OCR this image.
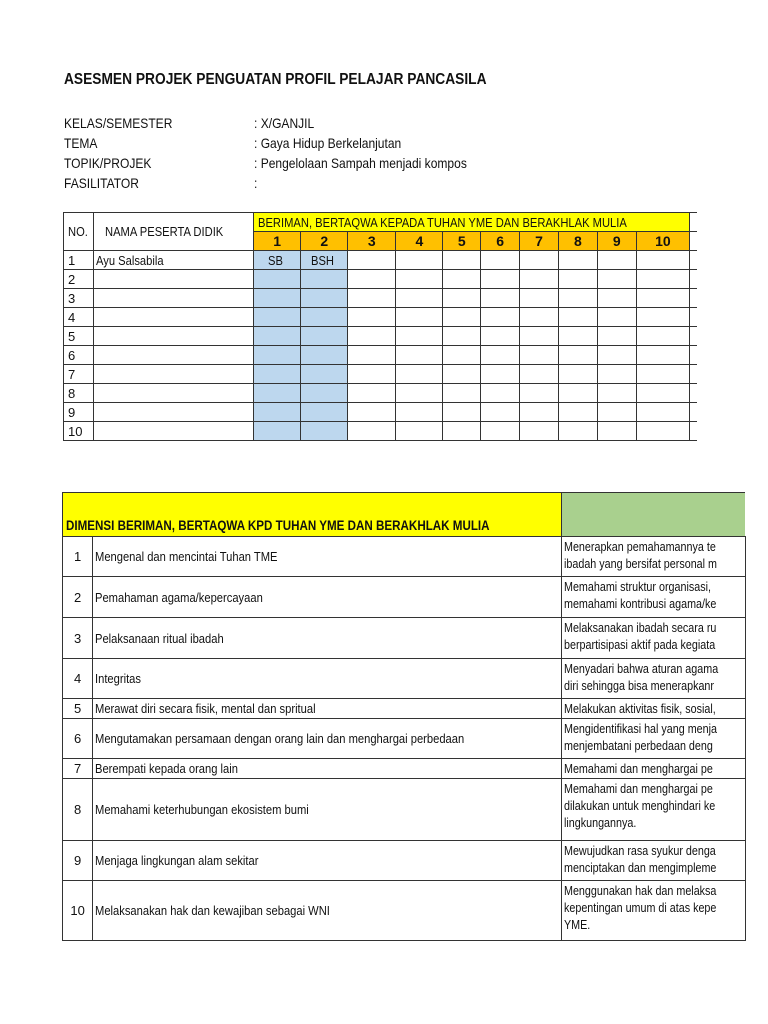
ASESMEN PROJEK PENGUATAN PROFIL PELAJAR PANCASILA
KELAS/SEMESTER	: X/GANJIL
TEMA	: Gaya Hidup Berkelanjutan
TOPIK/PROJEK	: Pengelolaan Sampah menjadi kompos
FASILITATOR	:
NO.	NAMA PESERTA DIDIK	BERIMAN, BERTAQWA KEPADA TUHAN YME DAN BERAKHLAK MULIA										
		1	2	3	4	5	6	7	8	9	10	
1	Ayu Salsabila	SB	BSH									
2												
3												
4												
5												
6												
7												
8												
9												
10												
DIMENSI BERIMAN, BERTAQWA KPD TUHAN YME DAN BERAKHLAK MULIA		
1	Mengenal dan mencintai Tuhan TME	Menerapkan pemahamannya te
ibadah yang bersifat personal m

2	Pemahaman agama/kepercayaan	Memahami struktur organisasi,
memahami kontribusi agama/ke

3	Pelaksanaan ritual ibadah	Melaksanakan ibadah secara ru
berpartisipasi aktif pada kegiata

4	Integritas	Menyadari bahwa aturan agama
diri sehingga bisa menerapkanr

5	Merawat diri secara fisik, mental dan spritual	Melakukan aktivitas fisik, sosial,

6	Mengutamakan persamaan dengan orang lain dan menghargai perbedaan	Mengidentifikasi hal yang menja
menjembatani perbedaan deng

7	Berempati kepada orang lain	Memahami dan menghargai pe

8	Memahami keterhubungan ekosistem bumi	Memahami dan menghargai pe
dilakukan untuk menghindari ke
lingkungannya.

9	Menjaga lingkungan alam sekitar	Mewujudkan rasa syukur denga
menciptakan dan mengimpleme

10	Melaksanakan hak dan kewajiban sebagai WNI	Menggunakan hak dan melaksa
kepentingan umum di atas kepe
YME.
